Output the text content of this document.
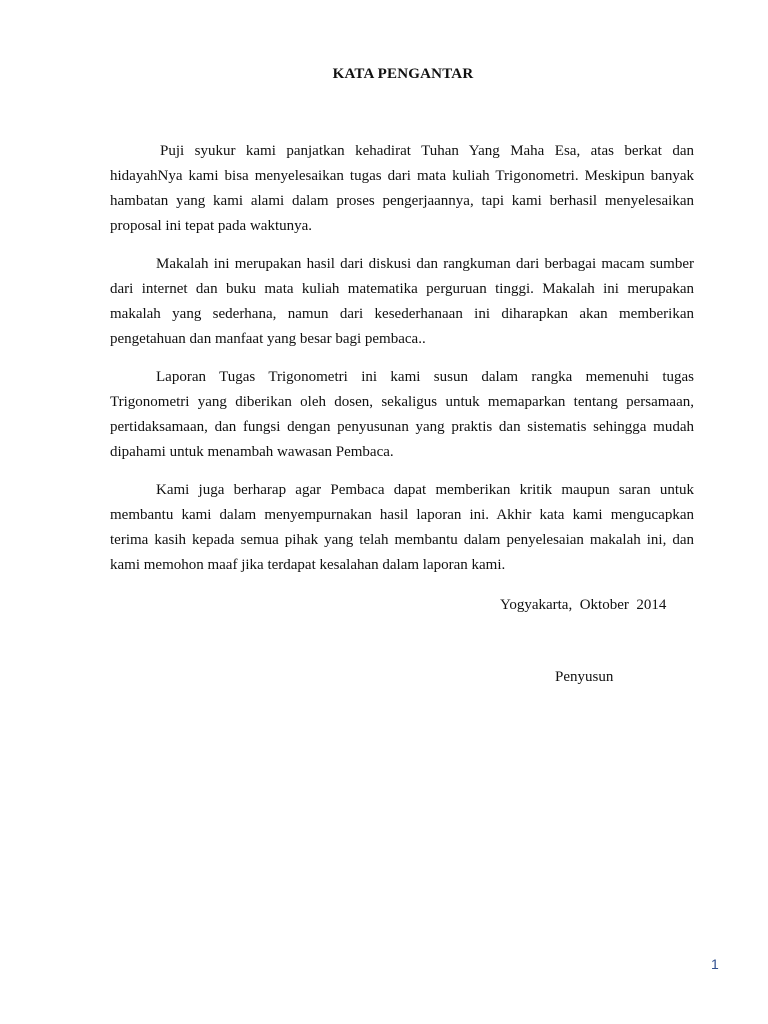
KATA PENGANTAR
Puji syukur kami panjatkan kehadirat Tuhan Yang Maha Esa, atas berkat dan
hidayahNya kami bisa menyelesaikan tugas dari mata kuliah Trigonometri. Meskipun banyak
hambatan yang kami alami dalam proses pengerjaannya, tapi kami berhasil menyelesaikan
proposal ini tepat pada waktunya.
Makalah ini merupakan hasil dari diskusi dan rangkuman dari berbagai macam sumber
dari internet dan buku mata kuliah matematika perguruan tinggi. Makalah ini merupakan
makalah yang sederhana, namun dari kesederhanaan ini diharapkan akan memberikan
pengetahuan dan manfaat yang besar bagi pembaca..
Laporan Tugas Trigonometri ini kami susun dalam rangka memenuhi tugas
Trigonometri yang diberikan oleh dosen, sekaligus untuk memaparkan tentang persamaan,
pertidaksamaan, dan fungsi dengan penyusunan yang praktis dan sistematis sehingga mudah
dipahami untuk menambah wawasan Pembaca.
Kami juga berharap agar Pembaca dapat memberikan kritik maupun saran untuk
membantu kami dalam menyempurnakan hasil laporan ini. Akhir kata kami mengucapkan
terima kasih kepada semua pihak yang telah membantu dalam penyelesaian makalah ini, dan
kami memohon maaf jika terdapat kesalahan dalam laporan kami.
Yogyakarta,  Oktober  2014
Penyusun
1
